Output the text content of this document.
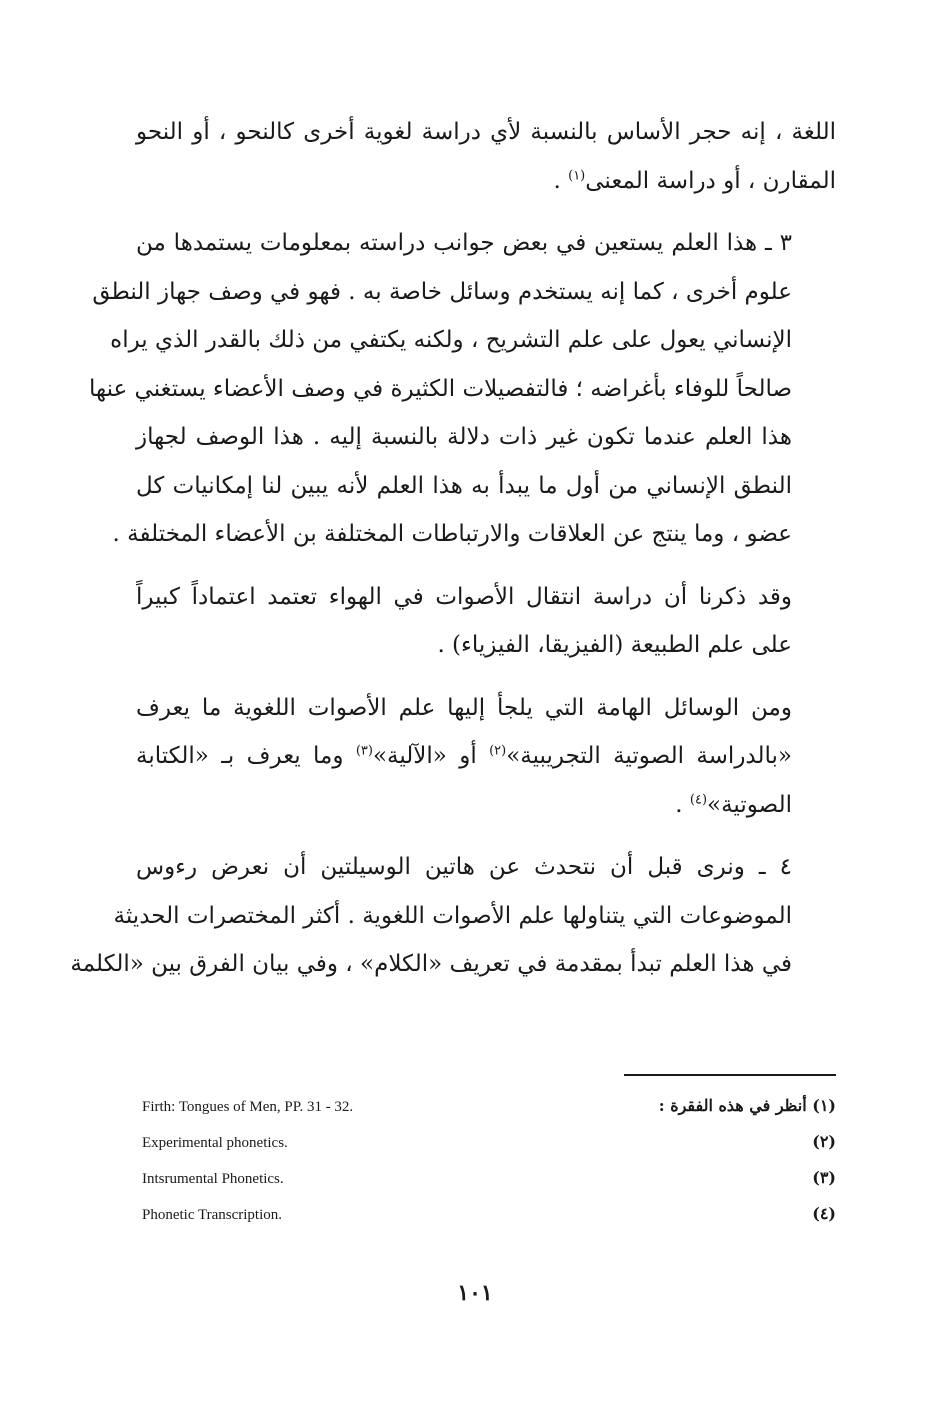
اللغة ، إنه حجر الأساس بالنسبة لأي دراسة لغوية أخرى كالنحو ، أو النحو
المقارن ، أو دراسة المعنى$^{(١)}$ .
٣ ـ هذا العلم يستعين في بعض جوانب دراسته بمعلومات يستمدها من
علوم أخرى ، كما إنه يستخدم وسائل خاصة به . فهو في وصف جهاز النطق
الإنساني يعول على علم التشريح ، ولكنه يكتفي من ذلك بالقدر الذي يراه
صالحاً للوفاء بأغراضه ؛ فالتفصيلات الكثيرة في وصف الأعضاء يستغني عنها
هذا العلم عندما تكون غير ذات دلالة بالنسبة إليه . هذا الوصف لجهاز
النطق الإنساني من أول ما يبدأ به هذا العلم لأنه يبين لنا إمكانيات كل
عضو ، وما ينتج عن العلاقات والارتباطات المختلفة بن الأعضاء المختلفة .
وقد ذكرنا أن دراسة انتقال الأصوات في الهواء تعتمد اعتماداً كبيراً
على علم الطبيعة (الفيزيقا، الفيزياء) .
ومن الوسائل الهامة التي يلجأ إليها علم الأصوات اللغوية ما يعرف
«بالدراسة الصوتية التجريبية»$^{(٢)}$ أو «الآلية»$^{(٣)}$ وما يعرف بـ «الكتابة
الصوتية»$^{(٤)}$ .
٤ ـ ونرى قبل أن نتحدث عن هاتين الوسيلتين أن نعرض رءوس
الموضوعات التي يتناولها علم الأصوات اللغوية . أكثر المختصرات الحديثة
في هذا العلم تبدأ بمقدمة في تعريف «الكلام» ، وفي بيان الفرق بين «الكلمة
(١) أنظر في هذه الفقرة :
Firth: Tongues of Men, PP. 31 - 32.
(٢)
Experimental phonetics.
(٣)
Intsrumental Phonetics.
(٤)
Phonetic Transcription.
١٠١
